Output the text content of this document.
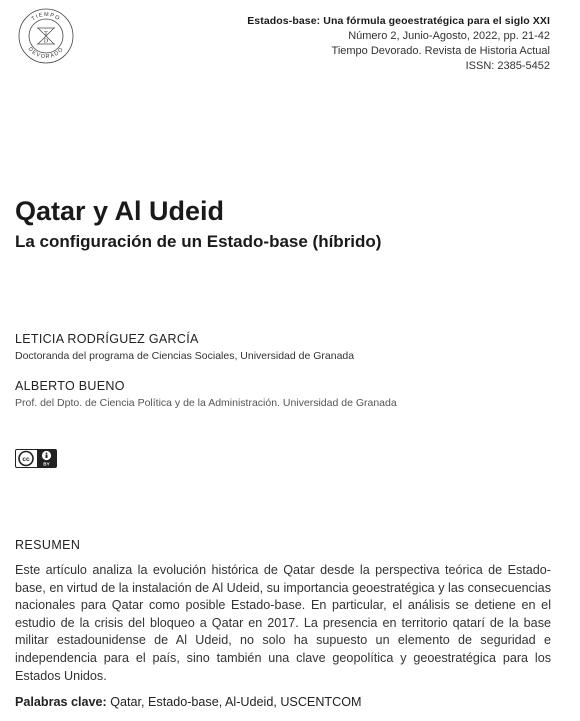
TIEMPO
DEVORADO
T
D
Estados-base: Una fórmula geoestratégica para el siglo XXI
Número 2, Junio-Agosto, 2022, pp. 21-42
Tiempo Devorado. Revista de Historia Actual
ISSN: 2385-5452
Qatar y Al Udeid
La configuración de un Estado-base (híbrido)
LETICIA RODRÍGUEZ GARCÍA
Doctoranda del programa de Ciencias Sociales, Universidad de Granada
ALBERTO BUENO
Prof. del Dpto. de Ciencia Política y de la Administración. Universidad de Granada
cc
BY
RESUMEN

Este artículo analiza la evolución histórica de Qatar desde la perspectiva teórica de Estado-base, en virtud de la instalación de Al Udeid, su importancia geoestratégica y las consecuencias nacionales para Qatar como posible Estado-base. En particular, el análisis se detiene en el estudio de la crisis del bloqueo a Qatar en 2017. La presencia en territorio qatarí de la base militar estadounidense de Al Udeid, no solo ha supuesto un elemento de seguridad e independencia para el país, sino también una clave geopolítica y geoestratégica para los Estados Unidos.

Palabras clave: Qatar, Estado-base, Al-Udeid, USCENTCOM
